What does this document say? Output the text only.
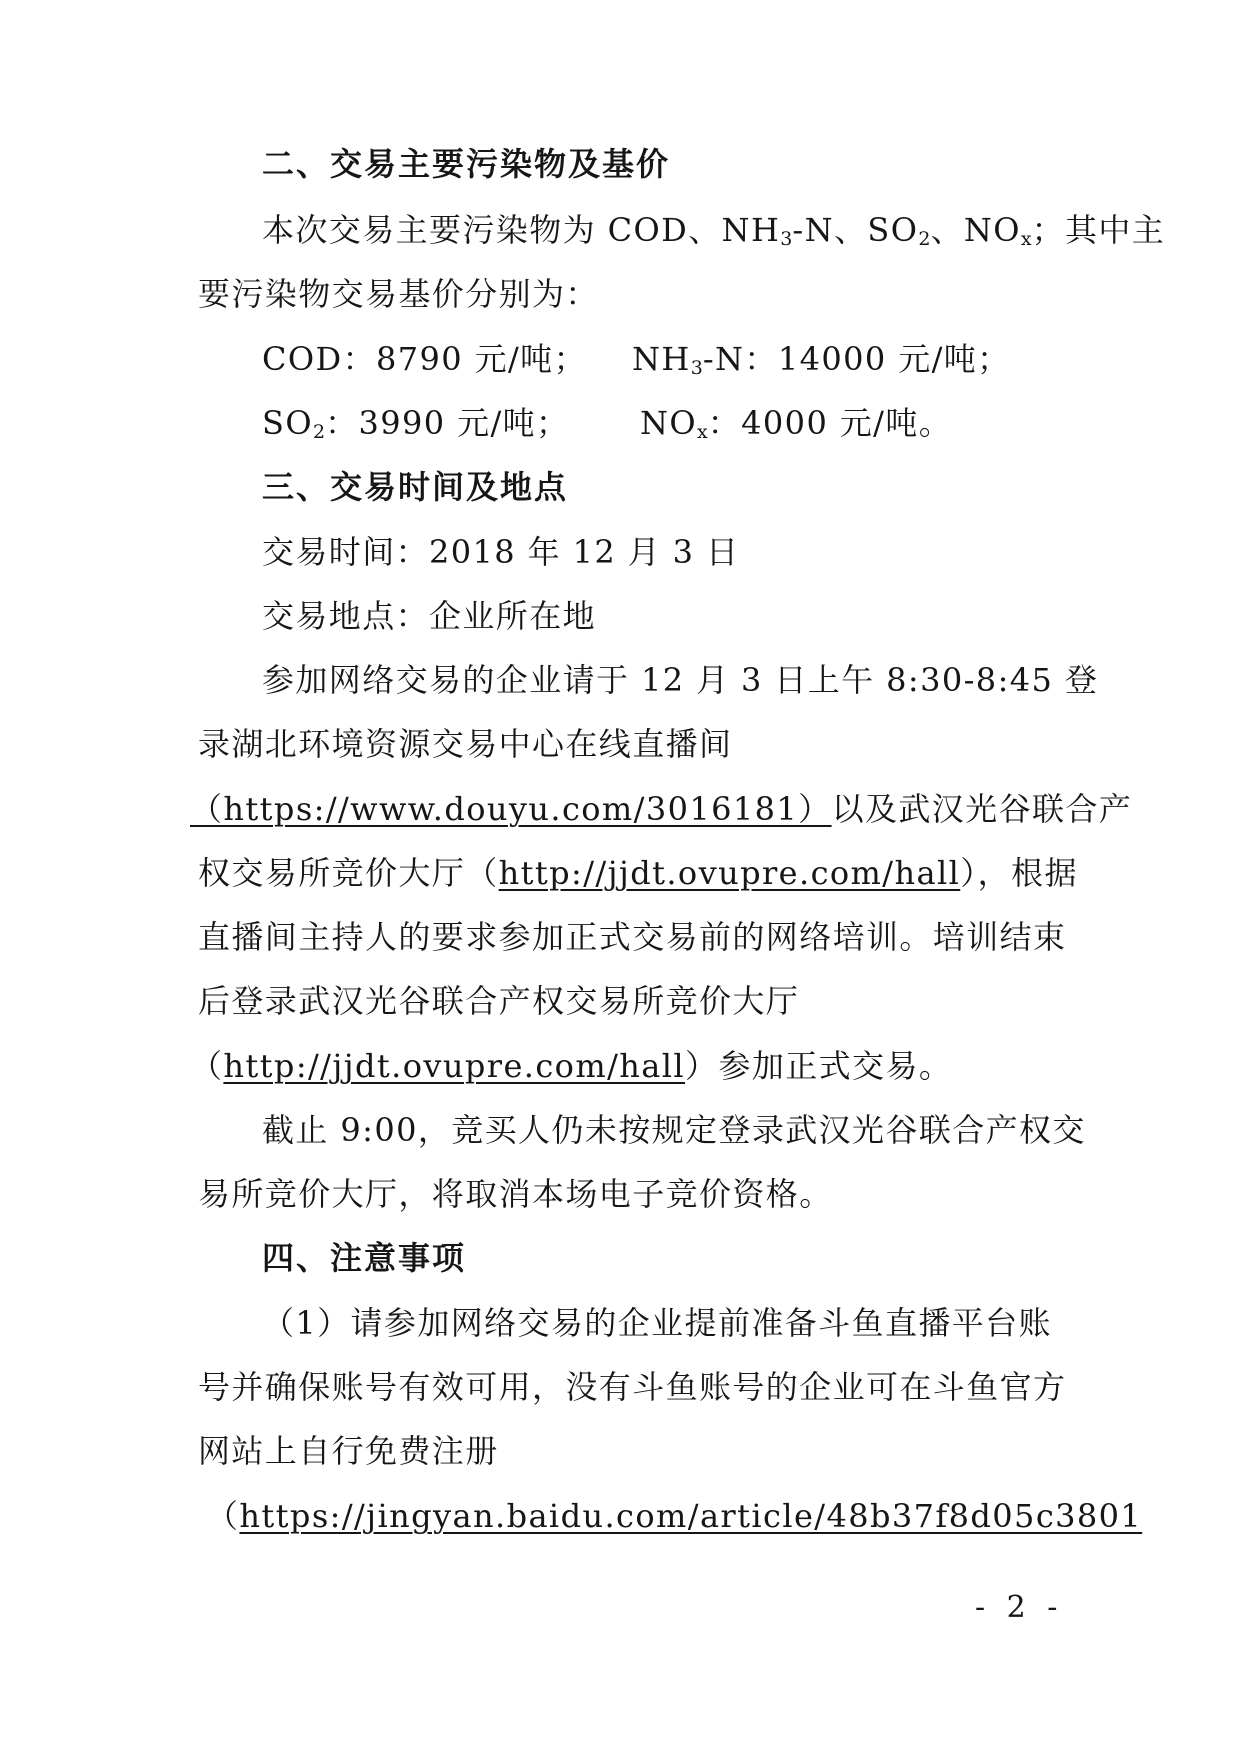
二、交易主要污染物及基价
本次交易主要污染物为 COD、$NH_3-N$、$SO_2$、$NO_x$；其中主
要污染物交易基价分别为：
COD：8790 元/吨； $NH_3-N$：14000 元/吨；
$SO_2$：3990 元/吨； $NO_x$：4000 元/吨。
三、交易时间及地点
交易时间：2018 年 12 月 3 日
交易地点：企业所在地
参加网络交易的企业请于 12 月 3 日上午 8:30-8:45 登
录湖北环境资源交易中心在线直播间
（https://www.douyu.com/3016181）以及武汉光谷联合产
权交易所竞价大厅（http://jjdt.ovupre.com/hall），根据
直播间主持人的要求参加正式交易前的网络培训。培训结束
后登录武汉光谷联合产权交易所竞价大厅
（http://jjdt.ovupre.com/hall）参加正式交易。
截止 9:00，竞买人仍未按规定登录武汉光谷联合产权交
易所竞价大厅，将取消本场电子竞价资格。
四、注意事项
（1）请参加网络交易的企业提前准备斗鱼直播平台账
号并确保账号有效可用，没有斗鱼账号的企业可在斗鱼官方
网站上自行免费注册
（https://jingyan.baidu.com/article/48b37f8d05c3801
- 2 -
